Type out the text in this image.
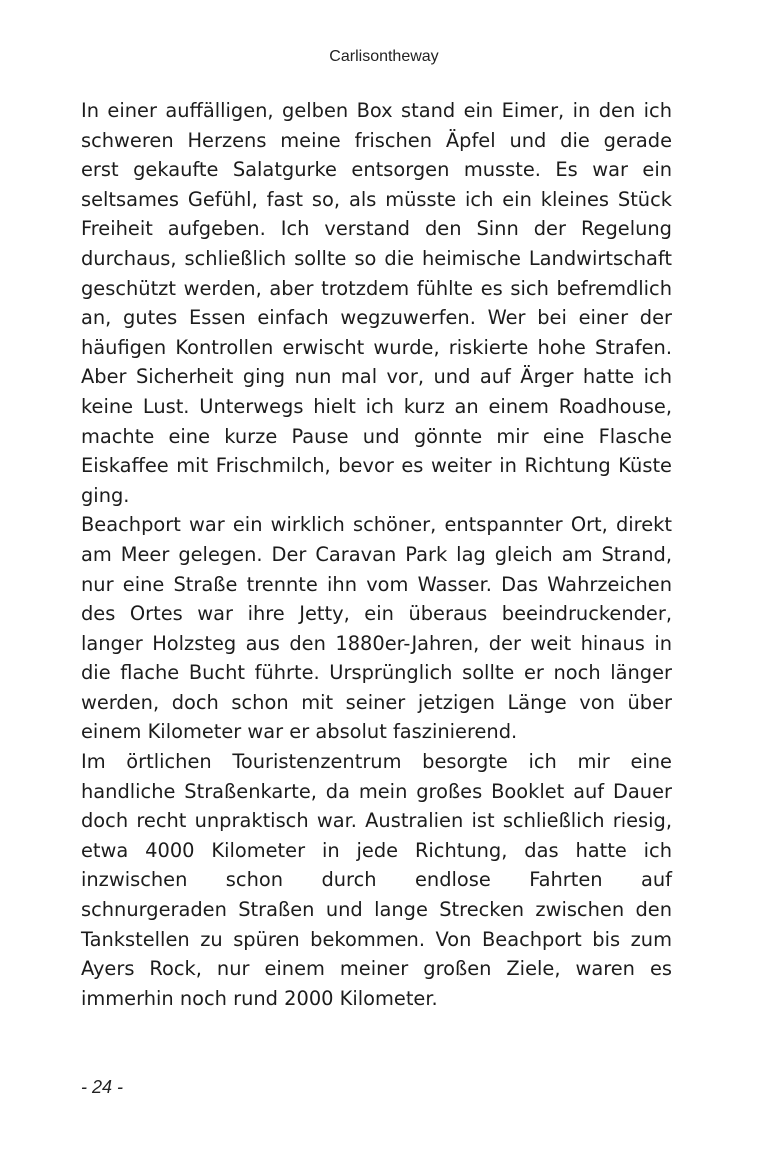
Carlisontheway

In einer auffälligen, gelben Box stand ein Eimer, in den ich
schweren Herzens meine frischen Äpfel und die gerade
erst gekaufte Salatgurke entsorgen musste. Es war ein
seltsames Gefühl, fast so, als müsste ich ein kleines Stück
Freiheit aufgeben. Ich verstand den Sinn der Regelung
durchaus, schließlich sollte so die heimische Landwirtschaft
geschützt werden, aber trotzdem fühlte es sich befremdlich
an, gutes Essen einfach wegzuwerfen. Wer bei einer der
häufigen Kontrollen erwischt wurde, riskierte hohe Strafen.
Aber Sicherheit ging nun mal vor, und auf Ärger hatte ich
keine Lust. Unterwegs hielt ich kurz an einem Roadhouse,
machte eine kurze Pause und gönnte mir eine Flasche
Eiskaffee mit Frischmilch, bevor es weiter in Richtung Küste
ging.

Beachport war ein wirklich schöner, entspannter Ort, direkt
am Meer gelegen. Der Caravan Park lag gleich am Strand,
nur eine Straße trennte ihn vom Wasser. Das Wahrzeichen
des Ortes war ihre Jetty, ein überaus beeindruckender,
langer Holzsteg aus den 1880er-Jahren, der weit hinaus in
die flache Bucht führte. Ursprünglich sollte er noch länger
werden, doch schon mit seiner jetzigen Länge von über
einem Kilometer war er absolut faszinierend.

Im örtlichen Touristenzentrum besorgte ich mir eine
handliche Straßenkarte, da mein großes Booklet auf Dauer
doch recht unpraktisch war. Australien ist schließlich riesig,
etwa 4000 Kilometer in jede Richtung, das hatte ich
inzwischen schon durch endlose Fahrten auf
schnurgeraden Straßen und lange Strecken zwischen den
Tankstellen zu spüren bekommen. Von Beachport bis zum
Ayers Rock, nur einem meiner großen Ziele, waren es
immerhin noch rund 2000 Kilometer.

- 24 -
